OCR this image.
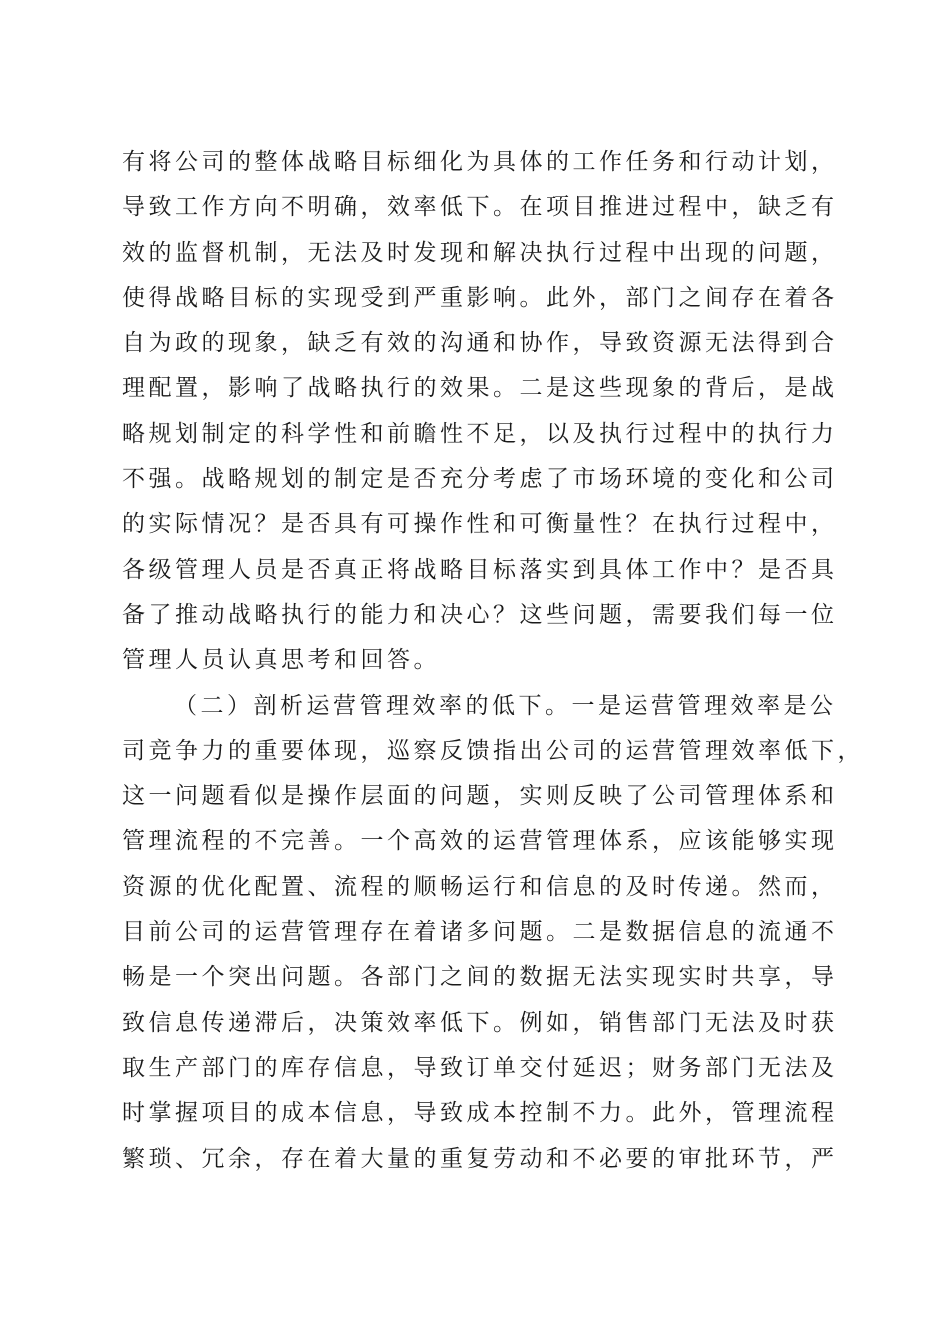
有将公司的整体战略目标细化为具体的工作任务和行动计划，
导致工作方向不明确，效率低下。在项目推进过程中，缺乏有
效的监督机制，无法及时发现和解决执行过程中出现的问题，
使得战略目标的实现受到严重影响。此外，部门之间存在着各
自为政的现象，缺乏有效的沟通和协作，导致资源无法得到合
理配置，影响了战略执行的效果。二是这些现象的背后，是战
略规划制定的科学性和前瞻性不足，以及执行过程中的执行力
不强。战略规划的制定是否充分考虑了市场环境的变化和公司
的实际情况？是否具有可操作性和可衡量性？在执行过程中，
各级管理人员是否真正将战略目标落实到具体工作中？是否具
备了推动战略执行的能力和决心？这些问题，需要我们每一位
管理人员认真思考和回答。
（二）剖析运营管理效率的低下。一是运营管理效率是公
司竞争力的重要体现，巡察反馈指出公司的运营管理效率低下，
这一问题看似是操作层面的问题，实则反映了公司管理体系和
管理流程的不完善。一个高效的运营管理体系，应该能够实现
资源的优化配置、流程的顺畅运行和信息的及时传递。然而，
目前公司的运营管理存在着诸多问题。二是数据信息的流通不
畅是一个突出问题。各部门之间的数据无法实现实时共享，导
致信息传递滞后，决策效率低下。例如，销售部门无法及时获
取生产部门的库存信息，导致订单交付延迟；财务部门无法及
时掌握项目的成本信息，导致成本控制不力。此外，管理流程
繁琐、冗余，存在着大量的重复劳动和不必要的审批环节，严
